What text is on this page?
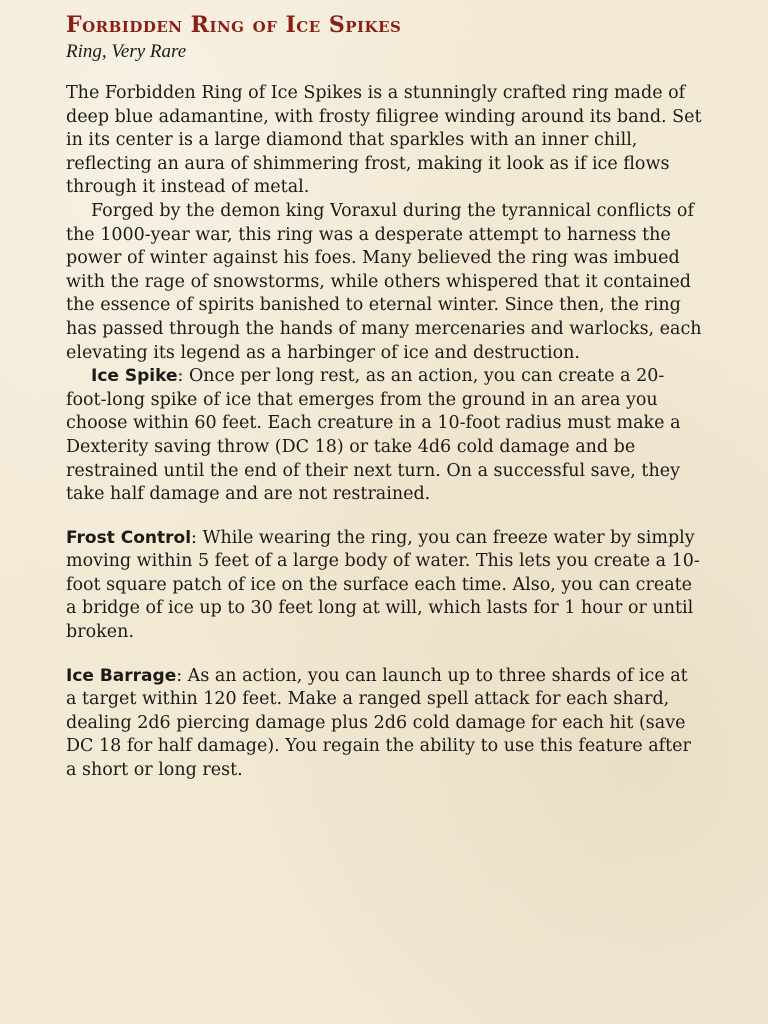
Forbidden Ring of Ice Spikes

Ring, Very Rare

The Forbidden Ring of Ice Spikes is a stunningly crafted ring made of deep blue adamantine, with frosty filigree winding around its band. Set in its center is a large diamond that sparkles with an inner chill, reflecting an aura of shimmering frost, making it look as if ice flows through it instead of metal.

Forged by the demon king Voraxul during the tyrannical conflicts of the 1000-year war, this ring was a desperate attempt to harness the power of winter against his foes. Many believed the ring was imbued with the rage of snowstorms, while others whispered that it contained the essence of spirits banished to eternal winter. Since then, the ring has passed through the hands of many mercenaries and warlocks, each elevating its legend as a harbinger of ice and destruction.

Ice Spike: Once per long rest, as an action, you can create a 20-foot-long spike of ice that emerges from the ground in an area you choose within 60 feet. Each creature in a 10-foot radius must make a Dexterity saving throw (DC 18) or take 4d6 cold damage and be restrained until the end of their next turn. On a successful save, they take half damage and are not restrained.

Frost Control: While wearing the ring, you can freeze water by simply moving within 5 feet of a large body of water. This lets you create a 10-foot square patch of ice on the surface each time. Also, you can create a bridge of ice up to 30 feet long at will, which lasts for 1 hour or until broken.

Ice Barrage: As an action, you can launch up to three shards of ice at a target within 120 feet. Make a ranged spell attack for each shard, dealing 2d6 piercing damage plus 2d6 cold damage for each hit (save DC 18 for half damage). You regain the ability to use this feature after a short or long rest.
